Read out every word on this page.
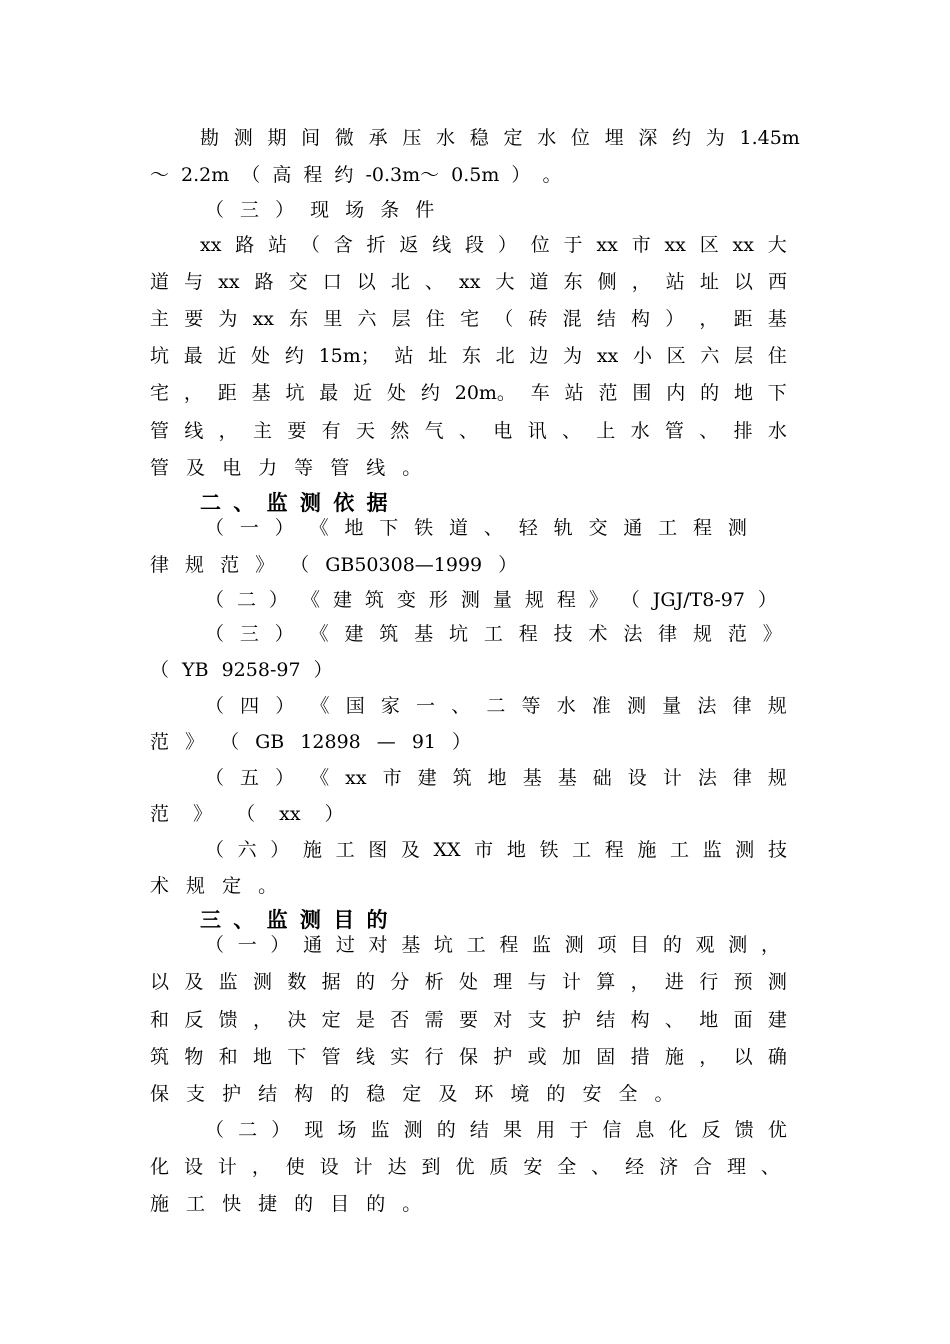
勘 测 期 间 微 承 压 水 稳 定 水 位 埋 深 约 为 1.45m
～ 2.2m （ 高 程 约 -0.3m～ 0.5m ） 。
（ 三 ） 现 场 条 件
xx 路 站 （ 含 折 返 线 段 ） 位 于 xx 市 xx 区 xx 大
道 与 xx 路 交 口 以 北 、 xx 大 道 东 侧 ， 站 址 以 西
主 要 为 xx 东 里 六 层 住 宅 （ 砖 混 结 构 ） ， 距 基
坑 最 近 处 约 15m； 站 址 东 北 边 为 xx 小 区 六 层 住
宅 ， 距 基 坑 最 近 处 约 20m。 车 站 范 围 内 的 地 下
管 线 ， 主 要 有 天 然 气 、 电 讯 、 上 水 管 、 排 水
管 及 电 力 等 管 线 。
二 、 监 测 依 据
（ 一 ） 《 地 下 铁 道 、 轻 轨 交 通 工 程 测
律 规 范 》 （ GB50308—1999 ）
（ 二 ） 《 建 筑 变 形 测 量 规 程 》 （ JGJ/T8-97 ）
（ 三 ） 《 建 筑 基 坑 工 程 技 术 法 律 规 范 》
（ YB 9258-97 ）
（ 四 ） 《 国 家 一 、 二 等 水 准 测 量 法 律 规
范 》 （ GB 12898 — 91 ）
（ 五 ） 《 xx 市 建 筑 地 基 基 础 设 计 法 律 规
范 》 （ xx ）
（ 六 ） 施 工 图 及 XX 市 地 铁 工 程 施 工 监 测 技
术 规 定 。
三 、 监 测 目 的
（ 一 ） 通 过 对 基 坑 工 程 监 测 项 目 的 观 测 ，
以 及 监 测 数 据 的 分 析 处 理 与 计 算 ， 进 行 预 测
和 反 馈 ， 决 定 是 否 需 要 对 支 护 结 构 、 地 面 建
筑 物 和 地 下 管 线 实 行 保 护 或 加 固 措 施 ， 以 确
保 支 护 结 构 的 稳 定 及 环 境 的 安 全 。
（ 二 ） 现 场 监 测 的 结 果 用 于 信 息 化 反 馈 优
化 设 计 ， 使 设 计 达 到 优 质 安 全 、 经 济 合 理 、
施 工 快 捷 的 目 的 。
